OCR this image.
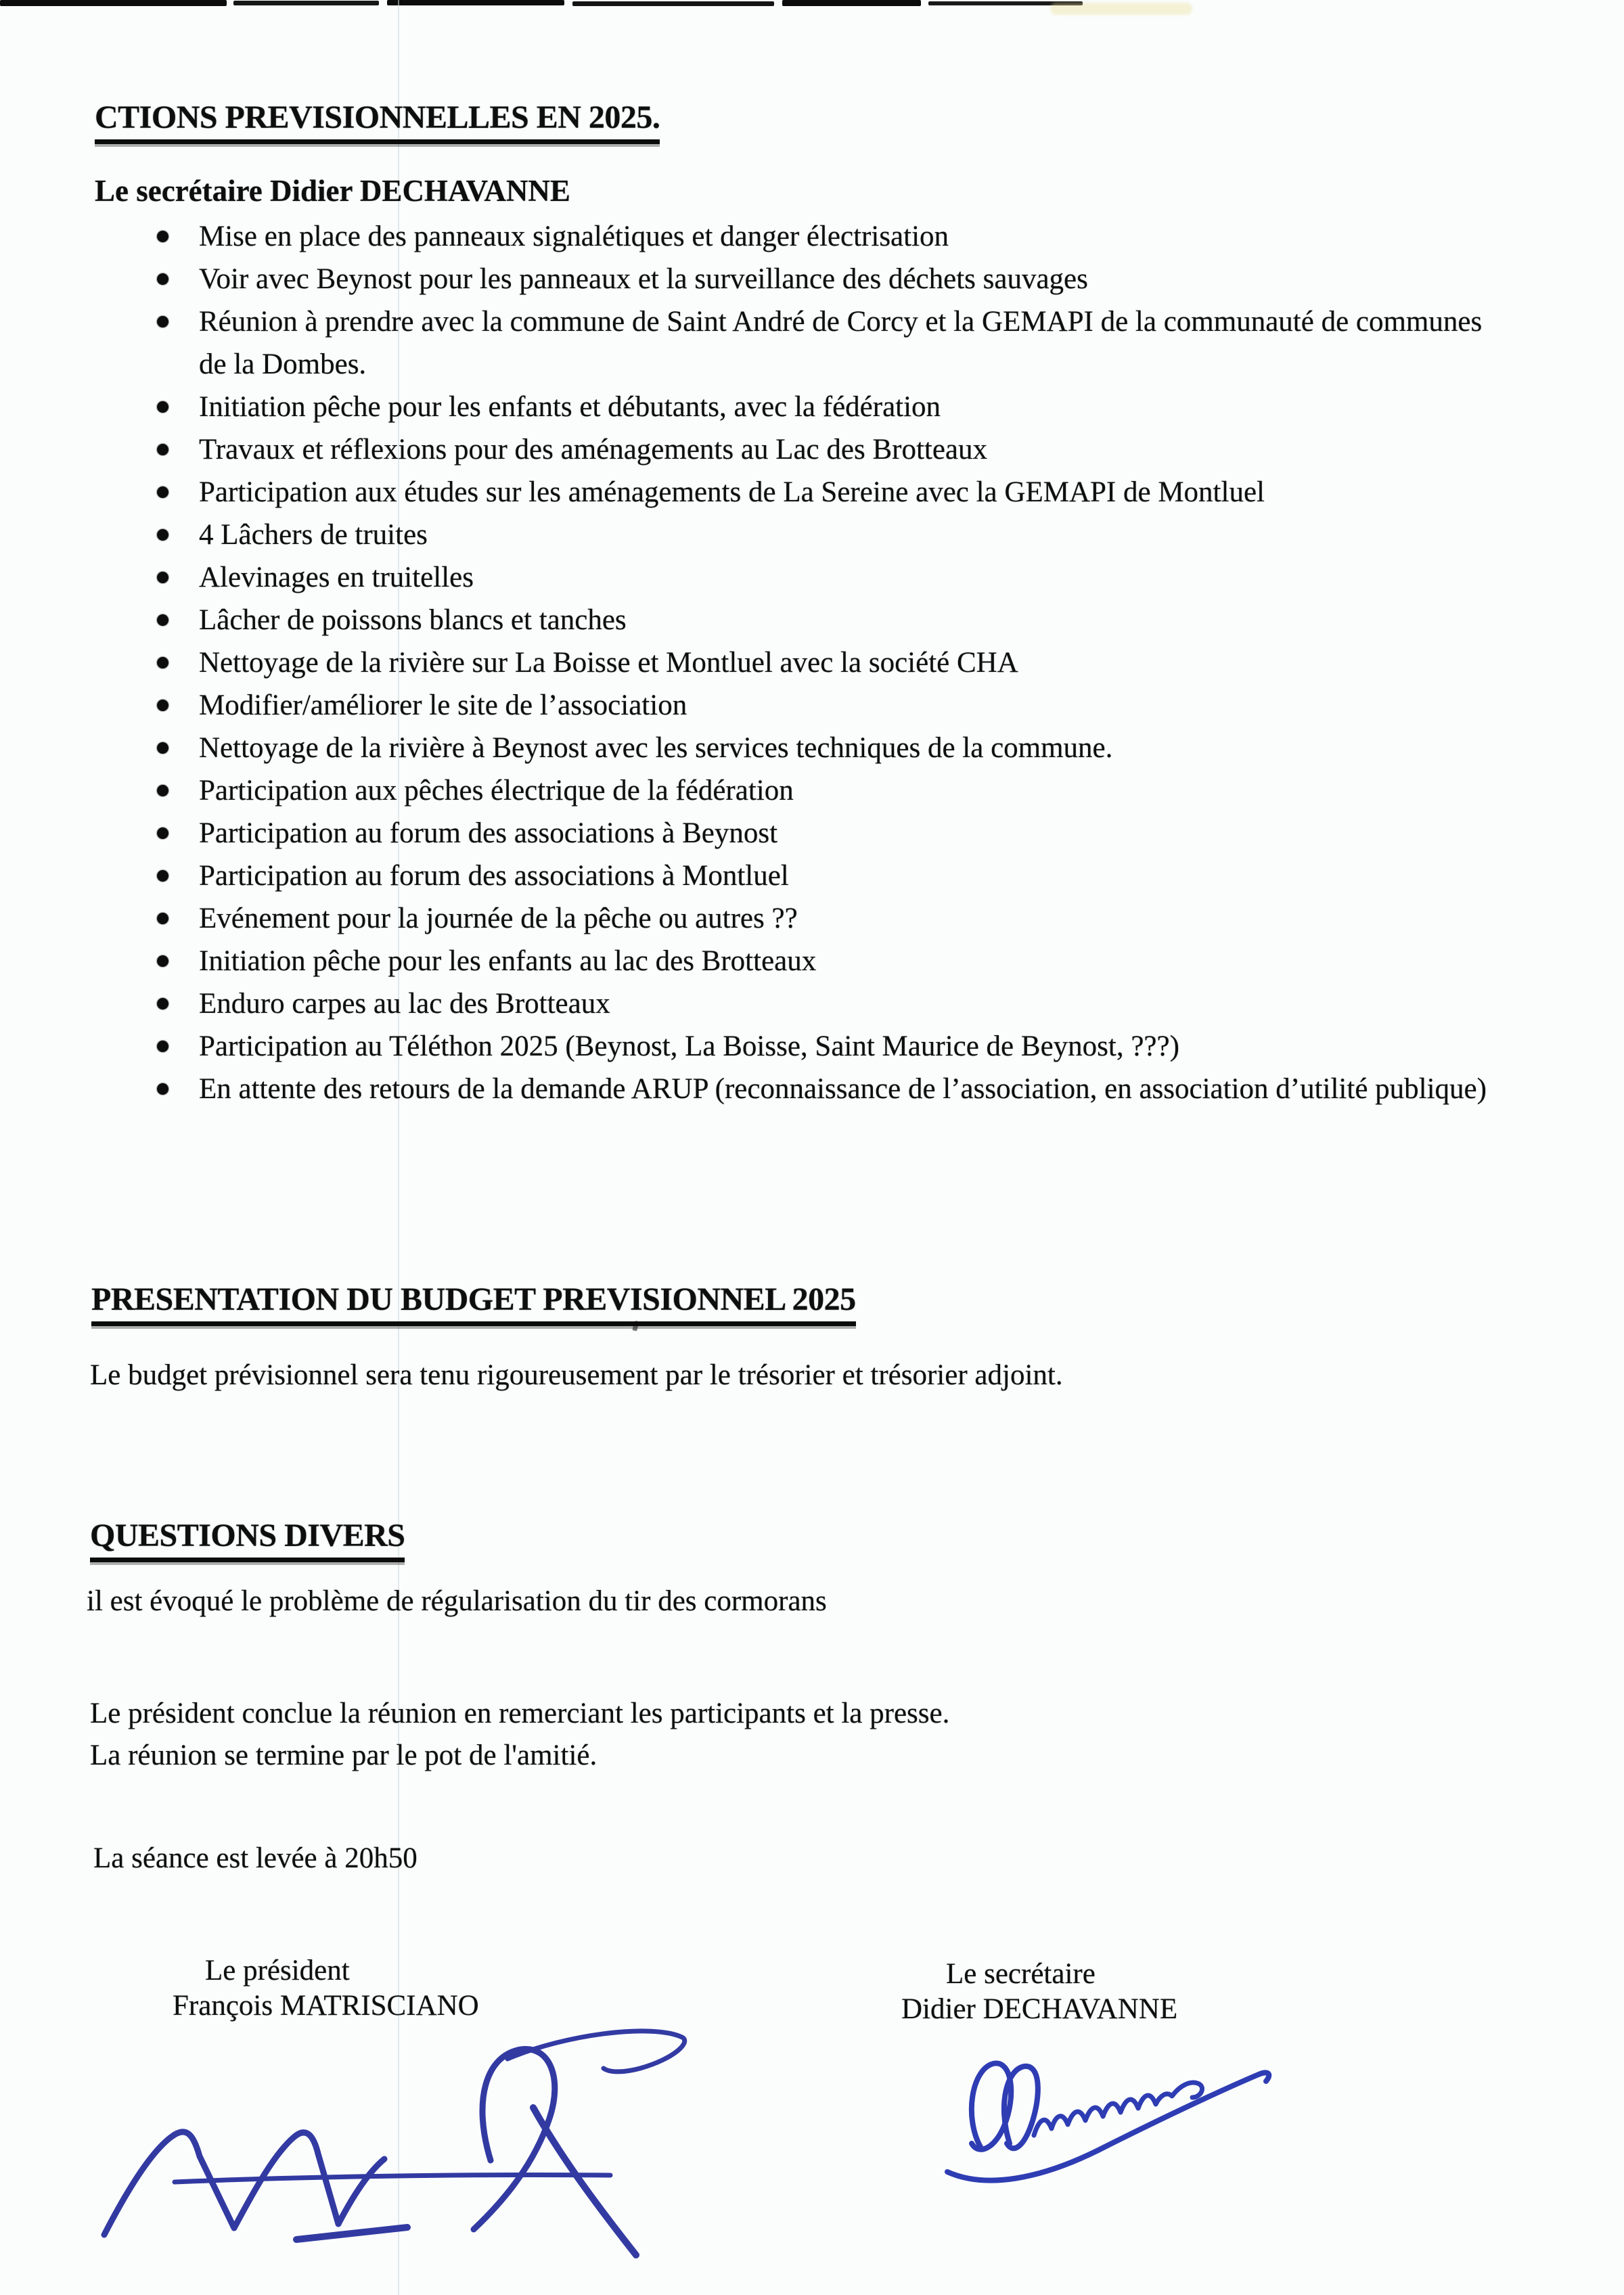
CTIONS PREVISIONNELLES EN 2025.
Le secrétaire Didier DECHAVANNE
Mise en place des panneaux signalétiques et danger électrisation
Voir avec Beynost pour les panneaux et la surveillance des déchets sauvages
Réunion à prendre avec la commune de Saint André de Corcy et la GEMAPI de la communauté de communes de la Dombes.
Initiation pêche pour les enfants et débutants, avec la fédération
Travaux et réflexions pour des aménagements au Lac des Brotteaux
Participation aux études sur les aménagements de La Sereine avec la GEMAPI de Montluel
4 Lâchers de truites
Alevinages en truitelles
Lâcher de poissons blancs et tanches
Nettoyage de la rivière sur La Boisse et Montluel avec la société CHA
Modifier/améliorer le site de l’association
Nettoyage de la rivière à Beynost avec les services techniques de la commune.
Participation aux pêches électrique de la fédération
Participation au forum des associations à Beynost
Participation au forum des associations à Montluel
Evénement pour la journée de la pêche ou autres ??
Initiation pêche pour les enfants au lac des Brotteaux
Enduro carpes au lac des Brotteaux
Participation au Téléthon 2025 (Beynost, La Boisse, Saint Maurice de Beynost, ???)
En attente des retours de la demande ARUP (reconnaissance de l’association, en association d’utilité publique)
PRESENTATION DU BUDGET PREVISIONNEL 2025
Le budget prévisionnel sera tenu rigoureusement par le trésorier et trésorier adjoint.
QUESTIONS DIVERS
il est évoqué le problème de régularisation du tir des cormorans
Le président conclue la réunion en remerciant les participants et la presse.
La réunion se termine par le pot de l'amitié.
La séance est levée à 20h50
Le président
François MATRISCIANO
Le secrétaire
Didier DECHAVANNE
